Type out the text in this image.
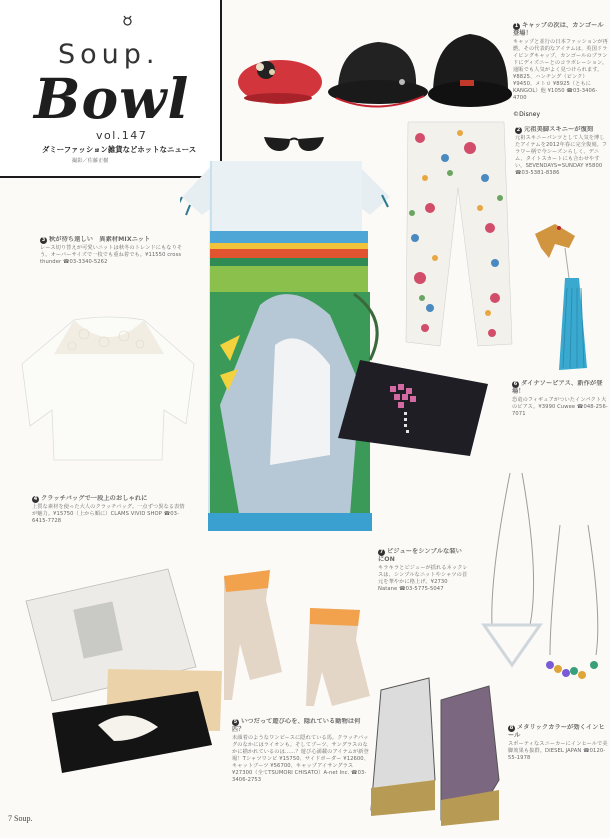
Soup.
Bowl
vol.147
ダミーファッション雑貨などホットなニュース
撮影／佐藤正樹
1 キャップの次は、カンゴール登場！
キャップと並行の日本ファッションが再燃。その代表的なアイテムは、英国ドライビングキャップ、カンゴールのブランドにディズニーとのコラボレーション。通販でも人気がよく見つけられます。¥8825、ハンチング（ピンク）¥9450、メトロ ¥8925（ともにKANGOL）他 ¥1050 ☎03-3406-4700
©Disney
2 元祖美脚スキニーが復刻
元祖スキニーパンツとして人気を博したアイテムを2012年春に完全復刻。フラワー柄で今シーズンらしく、デニム、タイトスカートにも合わせやすい。SEVENDAYS=SUNDAY ¥5800 ☎03-5381-8386
6 ダイナソーピアス、新作が登場！
恐竜のフィギュアがついたインパクト大のピアス。¥3990 Cuwee ☎048-256-7071
3 秋が待ち遠しい　異素材MIXニット
レース切り替えが可愛いニットは秋冬のトレンドにもなりそう。オーバーサイズで一枚でも重ね着でも。¥11550 cross thunder ☎03-3340-5262
4 クラッチバッグで一段上のおしゃれに
上質な素材を使った大人のクラッチバッグ。一点ずつ異なる表情が魅力。¥15750（上から順に）CLAMS VIVID SHOP ☎03-6415-7728
7 ビジューをシンプルな装いにON
キラキラとビジューが揺れるネックレスは、シンプルなニットやシャツの首元を華やかに格上げ。¥2730 Natane ☎03-5775-5047
5 いつだって遊び心を、隠れている動物は何匹？
未顔着のようなワンピースに隠れている馬。クラッチバッグのなかにはライオンも。そしてブーツ、サングラスのなかに描かれているのは……？遊び心満載のアイテムが新登場！Tシャツワンピ ¥15750、サイドボーダー ¥12600、キャットブーツ ¥56700、キャップアイサングラス ¥27300（全てTSUMORI CHISATO）A-net Inc. ☎03-3406-2753
8 メタリックカラーが効くインヒール
スポーティなスニーカーにインヒールで美脚効果も抜群。DIESEL JAPAN ☎0120-55-1978
7 Soup.
